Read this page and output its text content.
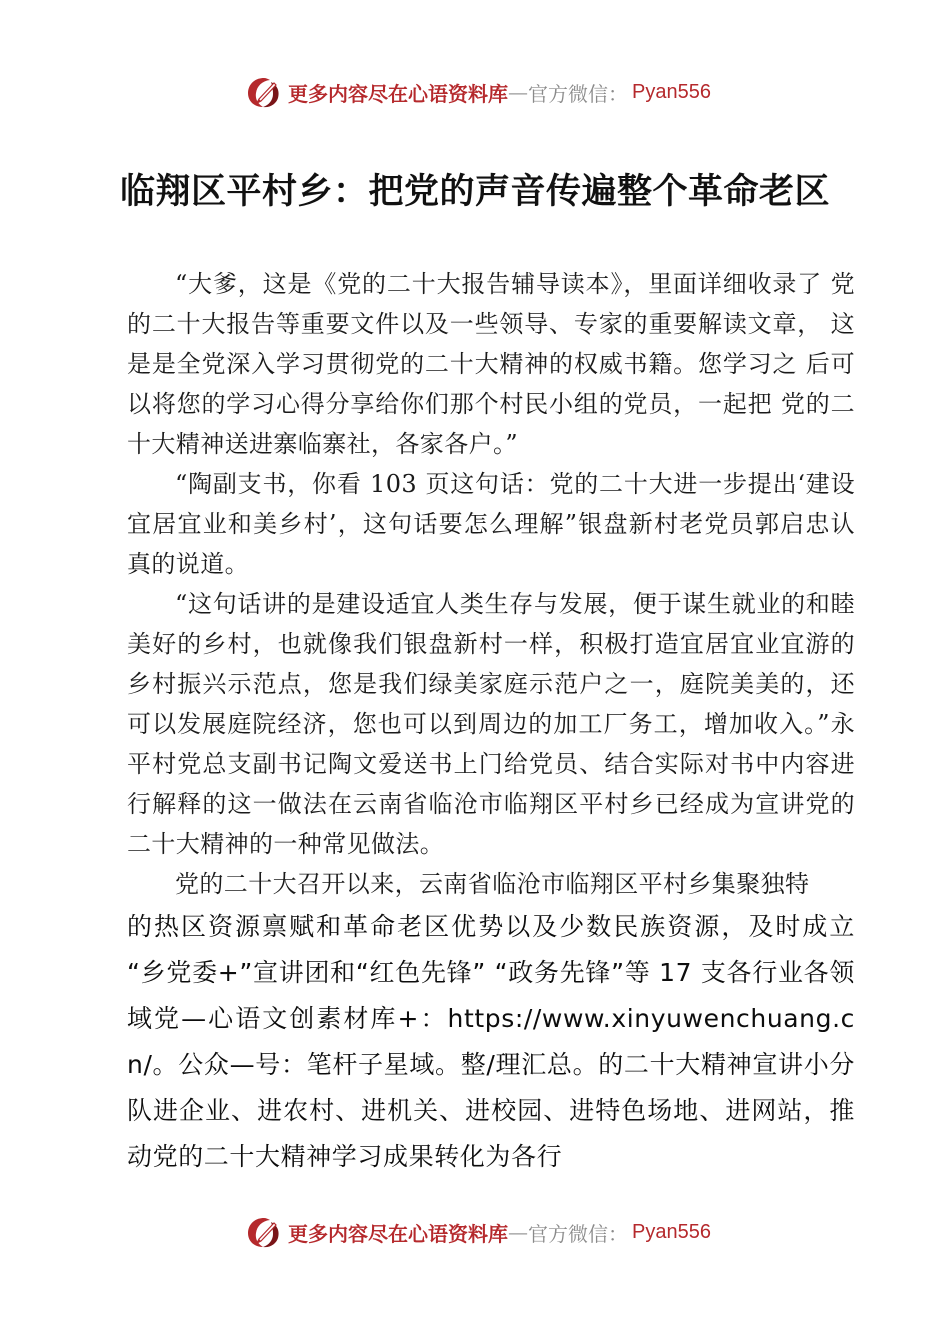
更多内容尽在心语资料库 — 官方微信： Pyan556
临翔区平村乡：把党的声音传遍整个革命老区

“大爹，这是《党的二十大报告辅导读本》，里面详细收录了 党的二十大报告等重要文件以及一些领导、专家的重要解读文章， 这是是全党深入学习贯彻党的二十大精神的权威书籍。您学习之 后可以将您的学习心得分享给你们那个村民小组的党员，一起把 党的二十大精神送进寨临寨社，各家各户。”

“陶副支书，你看 103 页这句话：党的二十大进一步提出‘建设宜居宜业和美乡村’，这句话要怎么理解”银盘新村老党员郭启忠认真的说道。

“这句话讲的是建设适宜人类生存与发展，便于谋生就业的和睦美好的乡村，也就像我们银盘新村一样，积极打造宜居宜业宜游的乡村振兴示范点，您是我们绿美家庭示范户之一，庭院美美的，还可以发展庭院经济，您也可以到周边的加工厂务工，增加收入。”永平村党总支副书记陶文爱送书上门给党员、结合实际对书中内容进行解释的这一做法在云南省临沧市临翔区平村乡已经成为宣讲党的二十大精神的一种常见做法。

党的二十大召开以来，云南省临沧市临翔区平村乡集聚独特

的热区资源禀赋和革命老区优势以及少数民族资源，及时成立 “乡党委+”宣讲团和“红色先锋” “政务先锋”等 17 支各行业各领域党—心语文创素材库+：https://www.xinyuwenchuang.cn/。公众—号：笔杆子星域。整/理汇总。的二十大精神宣讲小分队进企业、进农村、进机关、进校园、进特色场地、进网站，推动党的二十大精神学习成果转化为各行

更多内容尽在心语资料库 — 官方微信： Pyan556
